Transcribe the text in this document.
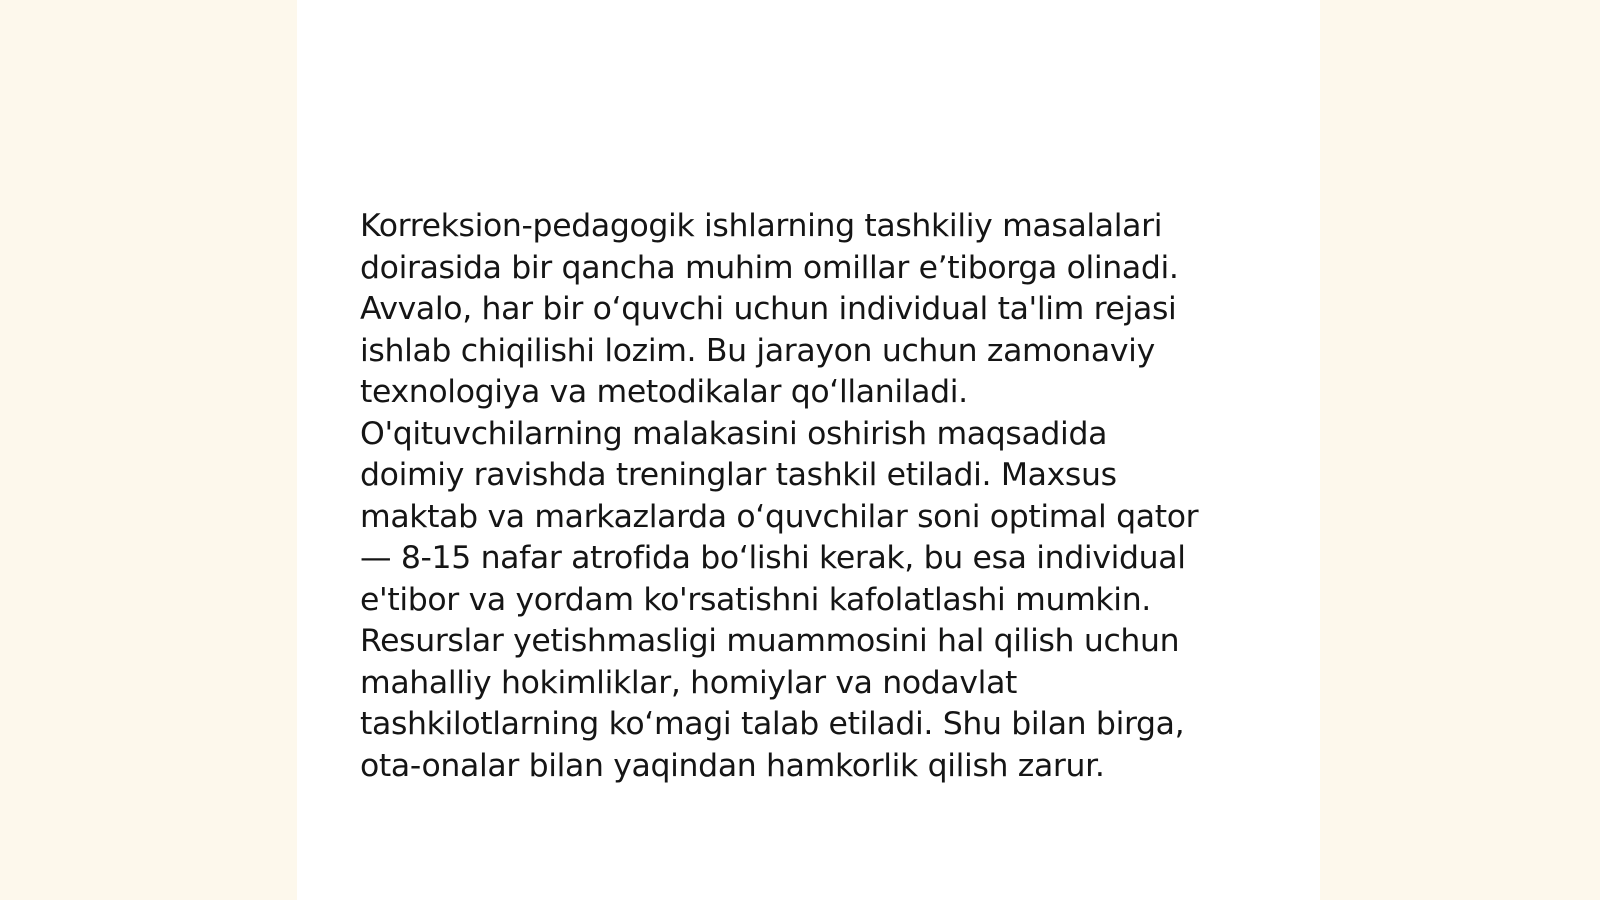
Korreksion-pedagogik ishlarning tashkiliy masalalari
doirasida bir qancha muhim omillar e’tiborga olinadi.
Avvalo, har bir o‘quvchi uchun individual ta'lim rejasi
ishlab chiqilishi lozim. Bu jarayon uchun zamonaviy
texnologiya va metodikalar qo‘llaniladi.
O'qituvchilarning malakasini oshirish maqsadida
doimiy ravishda treninglar tashkil etiladi. Maxsus
maktab va markazlarda o‘quvchilar soni optimal qator
— 8-15 nafar atrofida bo‘lishi kerak, bu esa individual
e'tibor va yordam ko'rsatishni kafolatlashi mumkin.
Resurslar yetishmasligi muammosini hal qilish uchun
mahalliy hokimliklar, homiylar va nodavlat
tashkilotlarning ko‘magi talab etiladi. Shu bilan birga,
ota-onalar bilan yaqindan hamkorlik qilish zarur.
